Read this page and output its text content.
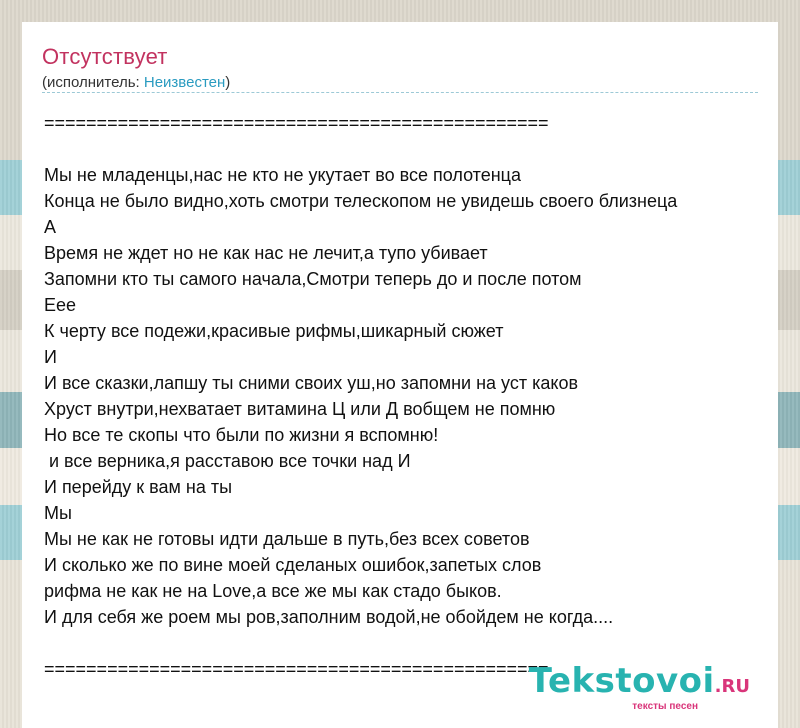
Отсутствует
(исполнитель: Неизвестен)
================================================
Мы не младенцы,нас не кто не укутает во все полотенца
Конца не было видно,хоть смотри телескопом не увидешь своего близнеца
А
Время не ждет но не как нас не лечит,а тупо убивает
Запомни кто ты самого начала,Смотри теперь до и после потом
Еее
К черту все подежи,красивые рифмы,шикарный сюжет
И
И все сказки,лапшу ты сними своих уш,но запомни на уст каков
Хруст внутри,нехватает витамина Ц или Д вобщем не помню
Но все те скопы что были по жизни я вспомню!
и все верника,я расставою все точки над И
И перейду к вам на ты
Мы
Мы не как не готовы идти дальше в путь,без всех советов
И сколько же по вине моей сделаных ошибок,запетых слов
рифма не как не на Love,а все же мы как стадо быков.
И для себя же роем мы ров,заполним водой,не обойдем не когда....
================================================
Tekstovoi.RU
тексты песен
